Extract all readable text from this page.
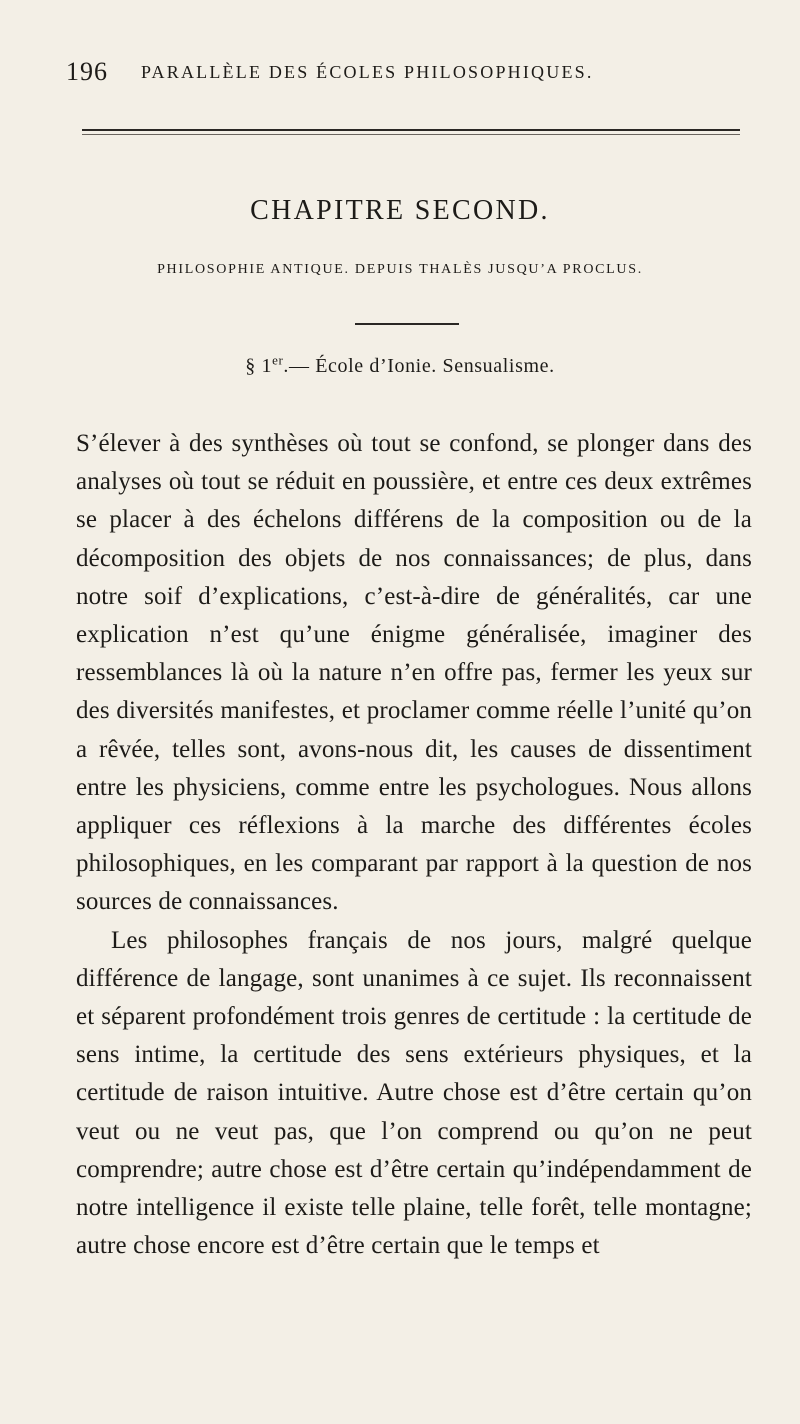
196 PARALLÈLE DES ÉCOLES PHILOSOPHIQUES.
CHAPITRE SECOND.
PHILOSOPHIE ANTIQUE. DEPUIS THALÈS JUSQU’A PROCLUS.
§ 1er.— École d’Ionie. Sensualisme.

S’élever à des synthèses où tout se confond, se plonger dans des analyses où tout se réduit en poussière, et entre ces deux extrêmes se placer à des échelons différens de la composition ou de la décomposition des objets de nos connaissances; de plus, dans notre soif d’explications, c’est-à-dire de généralités, car une explication n’est qu’une énigme généralisée, imaginer des ressemblances là où la nature n’en offre pas, fermer les yeux sur des diversités manifestes, et proclamer comme réelle l’unité qu’on a rêvée, telles sont, avons-nous dit, les causes de dissentiment entre les physiciens, comme entre les psychologues. Nous allons appliquer ces réflexions à la marche des différentes écoles philosophiques, en les comparant par rapport à la question de nos sources de connaissances.

Les philosophes français de nos jours, malgré quelque différence de langage, sont unanimes à ce sujet. Ils reconnaissent et séparent profondément trois genres de certitude : la certitude de sens intime, la certitude des sens extérieurs physiques, et la certitude de raison intuitive. Autre chose est d’être certain qu’on veut ou ne veut pas, que l’on comprend ou qu’on ne peut comprendre; autre chose est d’être certain qu’indépendamment de notre intelligence il existe telle plaine, telle forêt, telle montagne; autre chose encore est d’être certain que le temps et
